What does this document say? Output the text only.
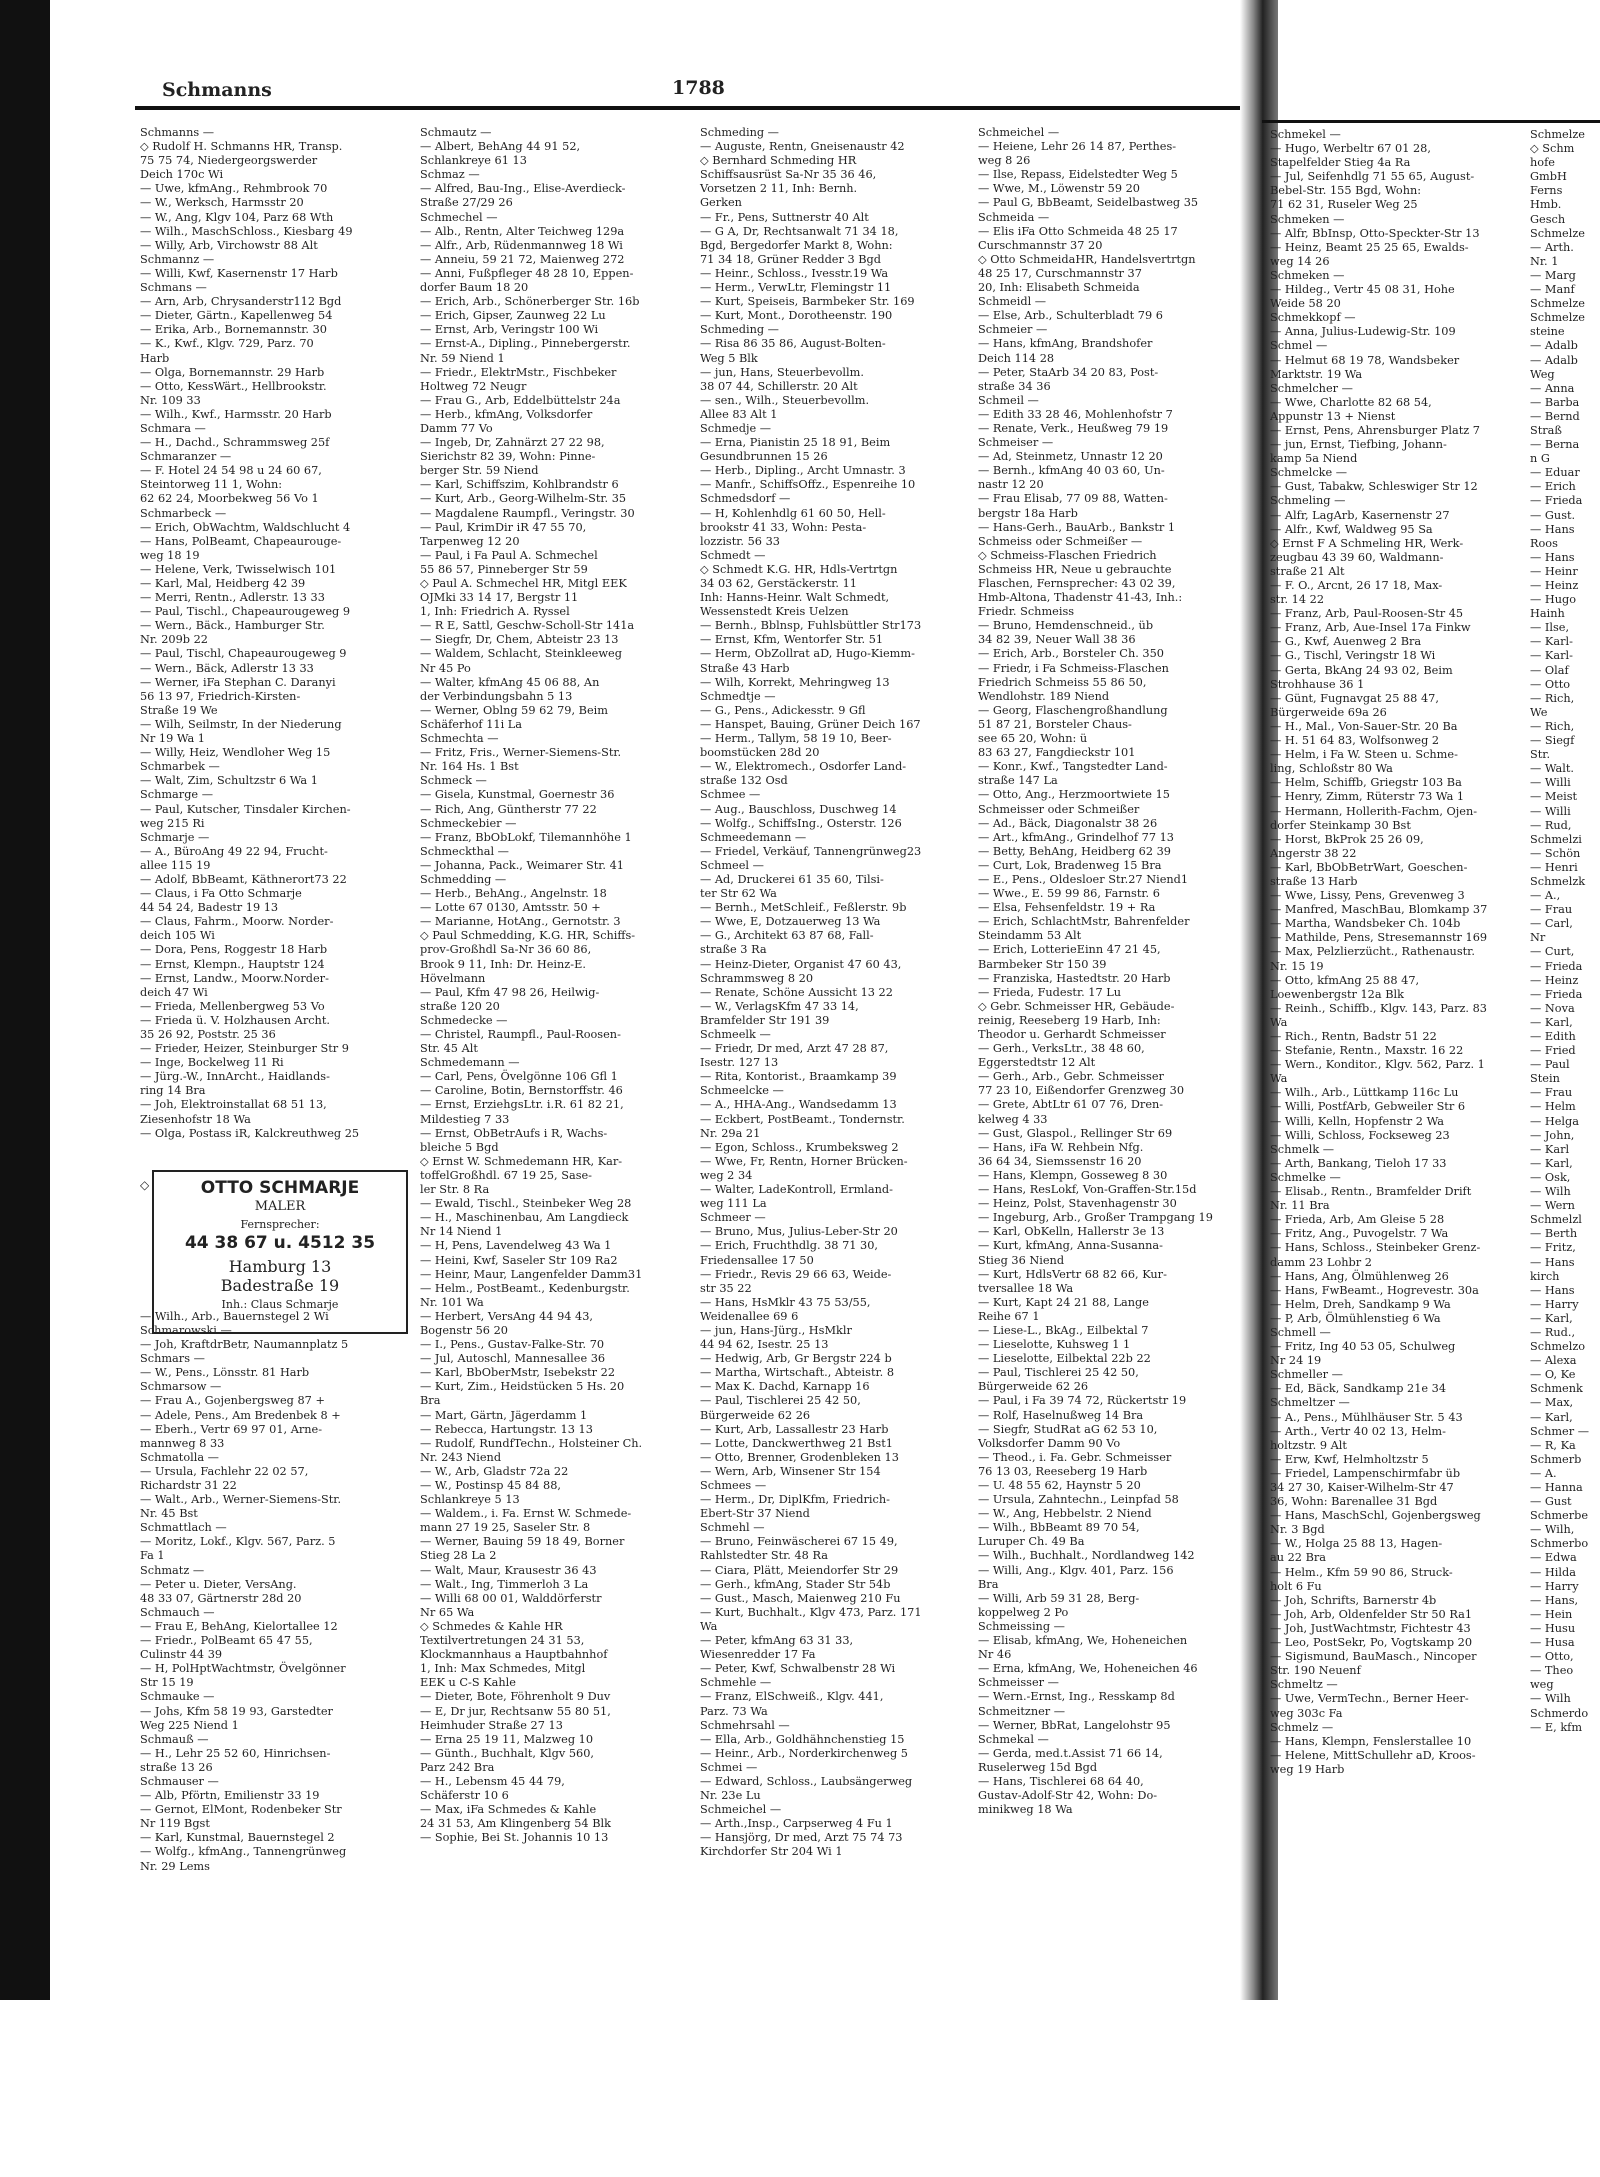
Schmanns	1788
Schmanns —
◇ Rudolf H. Schmanns HR, Transp.
75 75 74, Niedergeorgswerder
Deich 170c Wi
— Uwe, kfmAng., Rehmbrook 70
— W., Werksch, Harmsstr 20
— W., Ang, Klgv 104, Parz 68 Wth
— Wilh., MaschSchloss., Kiesbarg 49
— Willy, Arb, Virchowstr 88 Alt
Schmannz —
— Willi, Kwf, Kasernenstr 17 Harb
Schmans —
— Arn, Arb, Chrysanderstr112 Bgd
— Dieter, Gärtn., Kapellenweg 54
— Erika, Arb., Bornemannstr. 30
— K., Kwf., Klgv. 729, Parz. 70
Harb
— Olga, Bornemannstr. 29 Harb
— Otto, KessWärt., Hellbrookstr.
Nr. 109 33
— Wilh., Kwf., Harmsstr. 20 Harb
Schmara —
— H., Dachd., Schrammsweg 25f
Schmaranzer —
— F. Hotel 24 54 98 u 24 60 67,
Steintorweg 11 1, Wohn:
62 62 24, Moorbekweg 56 Vo 1
Schmarbeck —
— Erich, ObWachtm, Waldschlucht 4
— Hans, PolBeamt, Chapeaurouge-
weg 18 19
— Helene, Verk, Twisselwisch 101
— Karl, Mal, Heidberg 42 39
— Merri, Rentn., Adlerstr. 13 33
— Paul, Tischl., Chapeaurougeweg 9
— Wern., Bäck., Hamburger Str.
Nr. 209b 22
— Paul, Tischl, Chapeaurougeweg 9
— Wern., Bäck, Adlerstr 13 33
— Werner, iFa Stephan C. Daranyi
56 13 97, Friedrich-Kirsten-
Straße 19 We
— Wilh, Seilmstr, In der Niederung
Nr 19 Wa 1
— Willy, Heiz, Wendloher Weg 15
Schmarbek —
— Walt, Zim, Schultzstr 6 Wa 1
Schmarge —
— Paul, Kutscher, Tinsdaler Kirchen-
weg 215 Ri
Schmarje —
— A., BüroAng 49 22 94, Frucht-
allee 115 19
— Adolf, BbBeamt, Käthnerort73 22
— Claus, i Fa Otto Schmarje
44 54 24, Badestr 19 13
— Claus, Fahrm., Moorw. Norder-
deich 105 Wi
— Dora, Pens, Roggestr 18 Harb
— Ernst, Klempn., Hauptstr 124
— Ernst, Landw., Moorw.Norder-
deich 47 Wi
— Frieda, Mellenbergweg 53 Vo
— Frieda ü. V. Holzhausen Archt.
35 26 92, Poststr. 25 36
— Frieder, Heizer, Steinburger Str 9
— Inge, Bockelweg 11 Ri
— Jürg.-W., InnArcht., Haidlands-
ring 14 Bra
— Joh, Elektroinstallat 68 51 13,
Ziesenhofstr 18 Wa
— Olga, Postass iR, Kalckreuthweg 25

— Wilh., Arb., Bauernstegel 2 Wi
Schmarowski —
— Joh, KraftdrBetr, Naumannplatz 5
Schmars —
— W., Pens., Lönsstr. 81 Harb
Schmarsow —
— Frau A., Gojenbergsweg 87 +
— Adele, Pens., Am Bredenbek 8 +
— Eberh., Vertr 69 97 01, Arne-
mannweg 8 33
Schmatolla —
— Ursula, Fachlehr 22 02 57,
Richardstr 31 22
— Walt., Arb., Werner-Siemens-Str.
Nr. 45 Bst
Schmattlach —
— Moritz, Lokf., Klgv. 567, Parz. 5
Fa 1
Schmatz —
— Peter u. Dieter, VersAng.
48 33 07, Gärtnerstr 28d 20
Schmauch —
— Frau E, BehAng, Kielortallee 12
— Friedr., PolBeamt 65 47 55,
Culinstr 44 39
— H, PolHptWachtmstr, Övelgönner
Str 15 19
Schmauke —
— Johs, Kfm 58 19 93, Garstedter
Weg 225 Niend 1
Schmauß —
— H., Lehr 25 52 60, Hinrichsen-
straße 13 26
Schmauser —
— Alb, Pförtn, Emilienstr 33 19
— Gernot, ElMont, Rodenbeker Str
Nr 119 Bgst
— Karl, Kunstmal, Bauernstegel 2
— Wolfg., kfmAng., Tannengrünweg
Nr. 29 Lems
Schmautz —
— Albert, BehAng 44 91 52,
Schlankreye 61 13
Schmaz —
— Alfred, Bau-Ing., Elise-Averdieck-
Straße 27/29 26
Schmechel —
— Alb., Rentn, Alter Teichweg 129a
— Alfr., Arb, Rüdenmannweg 18 Wi
— Anneiu, 59 21 72, Maienweg 272
— Anni, Fußpfleger 48 28 10, Eppen-
dorfer Baum 18 20
— Erich, Arb., Schönerberger Str. 16b
— Erich, Gipser, Zaunweg 22 Lu
— Ernst, Arb, Veringstr 100 Wi
— Ernst-A., Dipling., Pinnebergerstr.
Nr. 59 Niend 1
— Friedr., ElektrMstr., Fischbeker
Holtweg 72 Neugr
— Frau G., Arb, Eddelbüttelstr 24a
— Herb., kfmAng, Volksdorfer
Damm 77 Vo
— Ingeb, Dr, Zahnärzt 27 22 98,
Sierichstr 82 39, Wohn: Pinne-
berger Str. 59 Niend
— Karl, Schiffszim, Kohlbrandstr 6
— Kurt, Arb., Georg-Wilhelm-Str. 35
— Magdalene Raumpfl., Veringstr. 30
— Paul, KrimDir iR 47 55 70,
Tarpenweg 12 20
— Paul, i Fa Paul A. Schmechel
55 86 57, Pinneberger Str 59
◇ Paul A. Schmechel HR, Mitgl EEK
OJMki 33 14 17, Bergstr 11
1, Inh: Friedrich A. Ryssel
— R E, Sattl, Geschw-Scholl-Str 141a
— Siegfr, Dr, Chem, Abteistr 23 13
— Waldem, Schlacht, Steinkleeweg
Nr 45 Po
— Walter, kfmAng 45 06 88, An
der Verbindungsbahn 5 13
— Werner, Oblng 59 62 79, Beim
Schäferhof 11i La
Schmechta —
— Fritz, Fris., Werner-Siemens-Str.
Nr. 164 Hs. 1 Bst
Schmeck —
— Gisela, Kunstmal, Goernestr 36
— Rich, Ang, Güntherstr 77 22
Schmeckebier —
— Franz, BbObLokf, Tilemannhöhe 1
Schmeckthal —
— Johanna, Pack., Weimarer Str. 41
Schmedding —
— Herb., BehAng., Angelnstr. 18
— Lotte 67 0130, Amtsstr. 50 +
— Marianne, HotAng., Gernotstr. 3
◇ Paul Schmedding, K.G. HR, Schiffs-
prov-Großhdl Sa-Nr 36 60 86,
Brook 9 11, Inh: Dr. Heinz-E.
Hövelmann
— Paul, Kfm 47 98 26, Heilwig-
straße 120 20
Schmedecke —
— Christel, Raumpfl., Paul-Roosen-
Str. 45 Alt
Schmedemann —
— Carl, Pens, Övelgönne 106 Gfl 1
— Caroline, Botin, Bernstorffstr. 46
— Ernst, ErziehgsLtr. i.R. 61 82 21,
Mildestieg 7 33
— Ernst, ObBetrAufs i R, Wachs-
bleiche 5 Bgd
◇ Ernst W. Schmedemann HR, Kar-
toffelGroßhdl. 67 19 25, Sase-
ler Str. 8 Ra
— Ewald, Tischl., Steinbeker Weg 28
— H., Maschinenbau, Am Langdieck
Nr 14 Niend 1
— H, Pens, Lavendelweg 43 Wa 1
— Heini, Kwf, Saseler Str 109 Ra2
— Heinr, Maur, Langenfelder Damm31
— Helm., PostBeamt., Kedenburgstr.
Nr. 101 Wa
— Herbert, VersAng 44 94 43,
Bogenstr 56 20
— I., Pens., Gustav-Falke-Str. 70
— Jul, Autoschl, Mannesallee 36
— Karl, BbOberMstr, Isebekstr 22
— Kurt, Zim., Heidstücken 5 Hs. 20
Bra
— Mart, Gärtn, Jägerdamm 1
— Rebecca, Hartungstr. 13 13
— Rudolf, RundfTechn., Holsteiner Ch.
Nr. 243 Niend
— W., Arb, Gladstr 72a 22
— W., Postinsp 45 84 88,
Schlankreye 5 13
— Waldem., i. Fa. Ernst W. Schmede-
mann 27 19 25, Saseler Str. 8
— Werner, Bauing 59 18 49, Borner
Stieg 28 La 2
— Walt, Maur, Krausestr 36 43
— Walt., Ing, Timmerloh 3 La
— Willi 68 00 01, Walddörferstr
Nr 65 Wa
◇ Schmedes & Kahle HR
Textilvertretungen 24 31 53,
Klockmannhaus a Hauptbahnhof
1, Inh: Max Schmedes, Mitgl
EEK u C-S Kahle
— Dieter, Bote, Föhrenholt 9 Duv
— E, Dr jur, Rechtsanw 55 80 51,
Heimhuder Straße 27 13
— Erna 25 19 11, Malzweg 10
— Günth., Buchhalt, Klgv 560,
Parz 242 Bra
— H., Lebensm 45 44 79,
Schäferstr 10 6
— Max, iFa Schmedes & Kahle
24 31 53, Am Klingenberg 54 Blk
— Sophie, Bei St. Johannis 10 13
Schmeding —
— Auguste, Rentn, Gneisenaustr 42
◇ Bernhard Schmeding HR
Schiffsausrüst Sa-Nr 35 36 46,
Vorsetzen 2 11, Inh: Bernh.
Gerken
— Fr., Pens, Suttnerstr 40 Alt
— G A, Dr, Rechtsanwalt 71 34 18,
Bgd, Bergedorfer Markt 8, Wohn:
71 34 18, Grüner Redder 3 Bgd
— Heinr., Schloss., Ivesstr.19 Wa
— Herm., VerwLtr, Flemingstr 11
— Kurt, Speiseis, Barmbeker Str. 169
— Kurt, Mont., Dorotheenstr. 190
Schmeding —
— Risa 86 35 86, August-Bolten-
Weg 5 Blk
— jun, Hans, Steuerbevollm.
38 07 44, Schillerstr. 20 Alt
— sen., Wilh., Steuerbevollm.
Allee 83 Alt 1
Schmedje —
— Erna, Pianistin 25 18 91, Beim
Gesundbrunnen 15 26
— Herb., Dipling., Archt Umnastr. 3
— Manfr., SchiffsOffz., Espenreihe 10
Schmedsdorf —
— H, Kohlenhdlg 61 60 50, Hell-
brookstr 41 33, Wohn: Pesta-
lozzistr. 56 33
Schmedt —
◇ Schmedt K.G. HR, Hdls-Vertrtgn
34 03 62, Gerstäckerstr. 11
Inh: Hanns-Heinr. Walt Schmedt,
Wessenstedt Kreis Uelzen
— Bernh., Bblnsp, Fuhlsbüttler Str173
— Ernst, Kfm, Wentorfer Str. 51
— Herm, ObZollrat aD, Hugo-Kiemm-
Straße 43 Harb
— Wilh, Korrekt, Mehringweg 13
Schmedtje —
— G., Pens., Adickesstr. 9 Gfl
— Hanspet, Bauing, Grüner Deich 167
— Herm., Tallym, 58 19 10, Beer-
boomstücken 28d 20
— W., Elektromech., Osdorfer Land-
straße 132 Osd
Schmee —
— Aug., Bauschloss, Duschweg 14
— Wolfg., SchiffsIng., Osterstr. 126
Schmeedemann —
— Friedel, Verkäuf, Tannengrünweg23
Schmeel —
— Ad, Druckerei 61 35 60, Tilsi-
ter Str 62 Wa
— Bernh., MetSchleif., Feßlerstr. 9b
— Wwe, E, Dotzauerweg 13 Wa
— G., Architekt 63 87 68, Fall-
straße 3 Ra
— Heinz-Dieter, Organist 47 60 43,
Schrammsweg 8 20
— Renate, Schöne Aussicht 13 22
— W., VerlagsKfm 47 33 14,
Bramfelder Str 191 39
Schmeelk —
— Friedr, Dr med, Arzt 47 28 87,
Isestr. 127 13
— Rita, Kontorist., Braamkamp 39
Schmeelcke —
— A., HHA-Ang., Wandsedamm 13
— Eckbert, PostBeamt., Tondernstr.
Nr. 29a 21
— Egon, Schloss., Krumbeksweg 2
— Wwe, Fr, Rentn, Horner Brücken-
weg 2 34
— Walter, LadeKontroll, Ermland-
weg 111 La
Schmeer —
— Bruno, Mus, Julius-Leber-Str 20
— Erich, Fruchthdlg. 38 71 30,
Friedensallee 17 50
— Friedr., Revis 29 66 63, Weide-
str 35 22
— Hans, HsMklr 43 75 53/55,
Weidenallee 69 6
— jun, Hans-Jürg., HsMklr
44 94 62, Isestr. 25 13
— Hedwig, Arb, Gr Bergstr 224 b
— Martha, Wirtschaft., Abteistr. 8
— Max K. Dachd, Karnapp 16
— Paul, Tischlerei 25 42 50,
Bürgerweide 62 26
— Kurt, Arb, Lassallestr 23 Harb
— Lotte, Danckwerthweg 21 Bst1
— Otto, Brenner, Grodenbleken 13
— Wern, Arb, Winsener Str 154
Schmees —
— Herm., Dr, DiplKfm, Friedrich-
Ebert-Str 37 Niend
Schmehl —
— Bruno, Feinwäscherei 67 15 49,
Rahlstedter Str. 48 Ra
— Ciara, Plätt, Meiendorfer Str 29
— Gerh., kfmAng, Stader Str 54b
— Gust., Masch, Maienweg 210 Fu
— Kurt, Buchhalt., Klgv 473, Parz. 171
Wa
— Peter, kfmAng 63 31 33,
Wiesenredder 17 Fa
— Peter, Kwf, Schwalbenstr 28 Wi
Schmehle —
— Franz, ElSchweiß., Klgv. 441,
Parz. 73 Wa
Schmehrsahl —
— Ella, Arb., Goldhähnchenstieg 15
— Heinr., Arb., Norderkirchenweg 5
Schmei —
— Edward, Schloss., Laubsängerweg
Nr. 23e Lu
Schmeichel —
— Arth.,Insp., Carpserweg 4 Fu 1
— Hansjörg, Dr med, Arzt 75 74 73
Kirchdorfer Str 204 Wi 1
Schmeichel —
— Heiene, Lehr 26 14 87, Perthes-
weg 8 26
— Ilse, Repass, Eidelstedter Weg 5
— Wwe, M., Löwenstr 59 20
— Paul G, BbBeamt, Seidelbastweg 35
Schmeida —
— Elis iFa Otto Schmeida 48 25 17
Curschmannstr 37 20
◇ Otto SchmeidaHR, Handelsvertrtgn
48 25 17, Curschmannstr 37
20, Inh: Elisabeth Schmeida
Schmeidl —
— Else, Arb., Schulterbladt 79 6
Schmeier —
— Hans, kfmAng, Brandshofer
Deich 114 28
— Peter, StaArb 34 20 83, Post-
straße 34 36
Schmeil —
— Edith 33 28 46, Mohlenhofstr 7
— Renate, Verk., Heußweg 79 19
Schmeiser —
— Ad, Steinmetz, Unnastr 12 20
— Bernh., kfmAng 40 03 60, Un-
nastr 12 20
— Frau Elisab, 77 09 88, Watten-
bergstr 18a Harb
— Hans-Gerh., BauArb., Bankstr 1
Schmeiss oder Schmeißer —
◇ Schmeiss-Flaschen Friedrich
Schmeiss HR, Neue u gebrauchte
Flaschen, Fernsprecher: 43 02 39,
Hmb-Altona, Thadenstr 41-43, Inh.:
Friedr. Schmeiss
— Bruno, Hemdenschneid., üb
34 82 39, Neuer Wall 38 36
— Erich, Arb., Borsteler Ch. 350
— Friedr, i Fa Schmeiss-Flaschen
Friedrich Schmeiss 55 86 50,
Wendlohstr. 189 Niend
— Georg, Flaschengroßhandlung
51 87 21, Borsteler Chaus-
see 65 20, Wohn: ü
83 63 27, Fangdieckstr 101
— Konr., Kwf., Tangstedter Land-
straße 147 La
— Otto, Ang., Herzmoortwiete 15
Schmeisser oder Schmeißer
— Ad., Bäck, Diagonalstr 38 26
— Art., kfmAng., Grindelhof 77 13
— Betty, BehAng, Heidberg 62 39
— Curt, Lok, Bradenweg 15 Bra
— E., Pens., Oldesloer Str.27 Niend1
— Wwe., E. 59 99 86, Farnstr. 6
— Elsa, Fehsenfeldstr. 19 + Ra
— Erich, SchlachtMstr, Bahrenfelder
Steindamm 53 Alt
— Erich, LotterieEinn 47 21 45,
Barmbeker Str 150 39
— Franziska, Hastedtstr. 20 Harb
— Frieda, Fudestr. 17 Lu
◇ Gebr. Schmeisser HR, Gebäude-
reinig, Reeseberg 19 Harb, Inh:
Theodor u. Gerhardt Schmeisser
— Gerh., VerksLtr., 38 48 60,
Eggerstedtstr 12 Alt
— Gerh., Arb., Gebr. Schmeisser
77 23 10, Eißendorfer Grenzweg 30
— Grete, AbtLtr 61 07 76, Dren-
kelweg 4 33
— Gust, Glaspol., Rellinger Str 69
— Hans, iFa W. Rehbein Nfg.
36 64 34, Siemssenstr 16 20
— Hans, Klempn, Gosseweg 8 30
— Hans, ResLokf, Von-Graffen-Str.15d
— Heinz, Polst, Stavenhagenstr 30
— Ingeburg, Arb., Großer Trampgang 19
— Karl, ObKelln, Hallerstr 3e 13
— Kurt, kfmAng, Anna-Susanna-
Stieg 36 Niend
— Kurt, HdlsVertr 68 82 66, Kur-
tversallee 18 Wa
— Kurt, Kapt 24 21 88, Lange
Reihe 67 1
— Liese-L., BkAg., Eilbektal 7
— Lieselotte, Kuhsweg 1 1
— Lieselotte, Eilbektal 22b 22
— Paul, Tischlerei 25 42 50,
Bürgerweide 62 26
— Paul, i Fa 39 74 72, Rückertstr 19
— Rolf, Haselnußweg 14 Bra
— Siegfr, StudRat aG 62 53 10,
Volksdorfer Damm 90 Vo
— Theod., i. Fa. Gebr. Schmeisser
76 13 03, Reeseberg 19 Harb
— U. 48 55 62, Haynstr 5 20
— Ursula, Zahntechn., Leinpfad 58
— W., Ang, Hebbelstr. 2 Niend
— Wilh., BbBeamt 89 70 54,
Luruper Ch. 49 Ba
— Wilh., Buchhalt., Nordlandweg 142
— Willi, Ang., Klgv. 401, Parz. 156
Bra
— Willi, Arb 59 31 28, Berg-
koppelweg 2 Po
Schmeissing —
— Elisab, kfmAng, We, Hoheneichen
Nr 46
— Erna, kfmAng, We, Hoheneichen 46
Schmeisser —
— Wern.-Ernst, Ing., Resskamp 8d
Schmeitzner —
— Werner, BbRat, Langelohstr 95
Schmekal —
— Gerda, med.t.Assist 71 66 14,
Ruselerweg 15d Bgd
— Hans, Tischlerei 68 64 40,
Gustav-Adolf-Str 42, Wohn: Do-
minikweg 18 Wa
Schmekel —
— Hugo, Werbeltr 67 01 28,
Stapelfelder Stieg 4a Ra
— Jul, Seifenhdlg 71 55 65, August-
Bebel-Str. 155 Bgd, Wohn:
71 62 31, Ruseler Weg 25
Schmeken —
— Alfr, BbInsp, Otto-Speckter-Str 13
— Heinz, Beamt 25 25 65, Ewalds-
weg 14 26
Schmeken —
— Hildeg., Vertr 45 08 31, Hohe
Weide 58 20
Schmekkopf —
— Anna, Julius-Ludewig-Str. 109
Schmel —
— Helmut 68 19 78, Wandsbeker
Marktstr. 19 Wa
Schmelcher —
— Wwe, Charlotte 82 68 54,
Appunstr 13 + Nienst
— Ernst, Pens, Ahrensburger Platz 7
— jun, Ernst, Tiefbing, Johann-
kamp 5a Niend
Schmelcke —
— Gust, Tabakw, Schleswiger Str 12
Schmeling —
— Alfr, LagArb, Kasernenstr 27
— Alfr., Kwf, Waldweg 95 Sa
◇ Ernst F A Schmeling HR, Werk-
zeugbau 43 39 60, Waldmann-
straße 21 Alt
— F. O., Arcnt, 26 17 18, Max-
str. 14 22
— Franz, Arb, Paul-Roosen-Str 45
— Franz, Arb, Aue-Insel 17a Finkw
— G., Kwf, Auenweg 2 Bra
— G., Tischl, Veringstr 18 Wi
— Gerta, BkAng 24 93 02, Beim
Strohhause 36 1
— Günt, Fugnavgat 25 88 47,
Bürgerweide 69a 26
— H., Mal., Von-Sauer-Str. 20 Ba
— H. 51 64 83, Wolfsonweg 2
— Helm, i Fa W. Steen u. Schme-
ling, Schloßstr 80 Wa
— Helm, Schiffb, Griegstr 103 Ba
— Henry, Zimm, Rüterstr 73 Wa 1
— Hermann, Hollerith-Fachm, Ojen-
dorfer Steinkamp 30 Bst
— Horst, BkProk 25 26 09,
Angerstr 38 22
— Karl, BbObBetrWart, Goeschen-
straße 13 Harb
— Wwe, Lissy, Pens, Grevenweg 3
— Manfred, MaschBau, Blomkamp 37
— Martha, Wandsbeker Ch. 104b
— Mathilde, Pens, Stresemannstr 169
— Max, Pelzlierzücht., Rathenaustr.
Nr. 15 19
— Otto, kfmAng 25 88 47,
Loewenbergstr 12a Blk
— Reinh., Schiffb., Klgv. 143, Parz. 83
Wa
— Rich., Rentn, Badstr 51 22
— Stefanie, Rentn., Maxstr. 16 22
— Wern., Konditor., Klgv. 562, Parz. 1
Wa
— Wilh., Arb., Lüttkamp 116c Lu
— Willi, PostfArb, Gebweiler Str 6
— Willi, Kelln, Hopfenstr 2 Wa
— Willi, Schloss, Fockseweg 23
Schmelk —
— Arth, Bankang, Tieloh 17 33
Schmelke —
— Elisab., Rentn., Bramfelder Drift
Nr. 11 Bra
— Frieda, Arb, Am Gleise 5 28
— Fritz, Ang., Puvogelstr. 7 Wa
— Hans, Schloss., Steinbeker Grenz-
damm 23 Lohbr 2
— Hans, Ang, Ölmühlenweg 26
— Hans, FwBeamt., Hogrevestr. 30a
— Helm, Dreh, Sandkamp 9 Wa
— P, Arb, Ölmühlenstieg 6 Wa
Schmell —
— Fritz, Ing 40 53 05, Schulweg
Nr 24 19
Schmeller —
— Ed, Bäck, Sandkamp 21e 34
Schmeltzer —
— A., Pens., Mühlhäuser Str. 5 43
— Arth., Vertr 40 02 13, Helm-
holtzstr. 9 Alt
— Erw, Kwf, Helmholtzstr 5
— Friedel, Lampenschirmfabr üb
34 27 30, Kaiser-Wilhelm-Str 47
36, Wohn: Barenallee 31 Bgd
— Hans, MaschSchl, Gojenbergsweg
Nr. 3 Bgd
— W., Holga 25 88 13, Hagen-
au 22 Bra
— Helm., Kfm 59 90 86, Struck-
holt 6 Fu
— Joh, Schrifts, Barnerstr 4b
— Joh, Arb, Oldenfelder Str 50 Ra1
— Joh, JustWachtmstr, Fichtestr 43
— Leo, PostSekr, Po, Vogtskamp 20
— Sigismund, BauMasch., Nincoper
Str. 190 Neuenf
Schmeltz —
— Uwe, VermTechn., Berner Heer-
weg 303c Fa
Schmelz —
— Hans, Klempn, Fenslerstallee 10
— Helene, MittSchullehr aD, Kroos-
weg 19 Harb
Schmelze
◇ Schm
hofe
GmbH
Ferns
Hmb.
Gesch
Schmelze
— Arth.
Nr. 1
— Marg
— Manf
Schmelze
Schmelze
steine
— Adalb
— Adalb
Weg
— Anna
— Barba
— Bernd
Straß
— Berna
n G
— Eduar
— Erich
— Frieda
— Gust.
— Hans
Roos
— Hans
— Heinr
— Heinz
— Hugo
Hainh
— Ilse,
— Karl-
— Karl-
— Olaf
— Otto
— Rich,
We
— Rich,
— Siegf
Str.
— Walt.
— Willi
— Meist
— Willi
— Rud,
Schmelzi
— Schön
— Henri
Schmelzk
— A.,
— Frau
— Carl,
Nr
— Curt,
— Frieda
— Heinz
— Frieda
— Nova
— Karl,
— Edith
— Fried
— Paul
Stein
— Frau
— Helm
— Helga
— John,
— Karl
— Karl,
— Osk,
— Wilh
— Wern
Schmelzl
— Berth
— Fritz,
— Hans
kirch
— Hans
— Harry
— Karl,
— Rud.,
Schmelzo
— Alexa
— O, Ke
Schmenk
— Max,
— Karl,
Schmer —
— R, Ka
Schmerb
— A.
— Hanna
— Gust
Schmerbe
— Wilh,
Schmerbo
— Edwa
— Hilda
— Harry
— Hans,
— Hein
— Husu
— Husa
— Otto,
— Theo
weg
— Wilh
Schmerdo
— E, kfm
◇	OTTO SCHMARJE
MALER
Fernsprecher:
44 38 67 u. 4512 35
Hamburg 13
Badestraße 19
Inh.: Claus Schmarje
